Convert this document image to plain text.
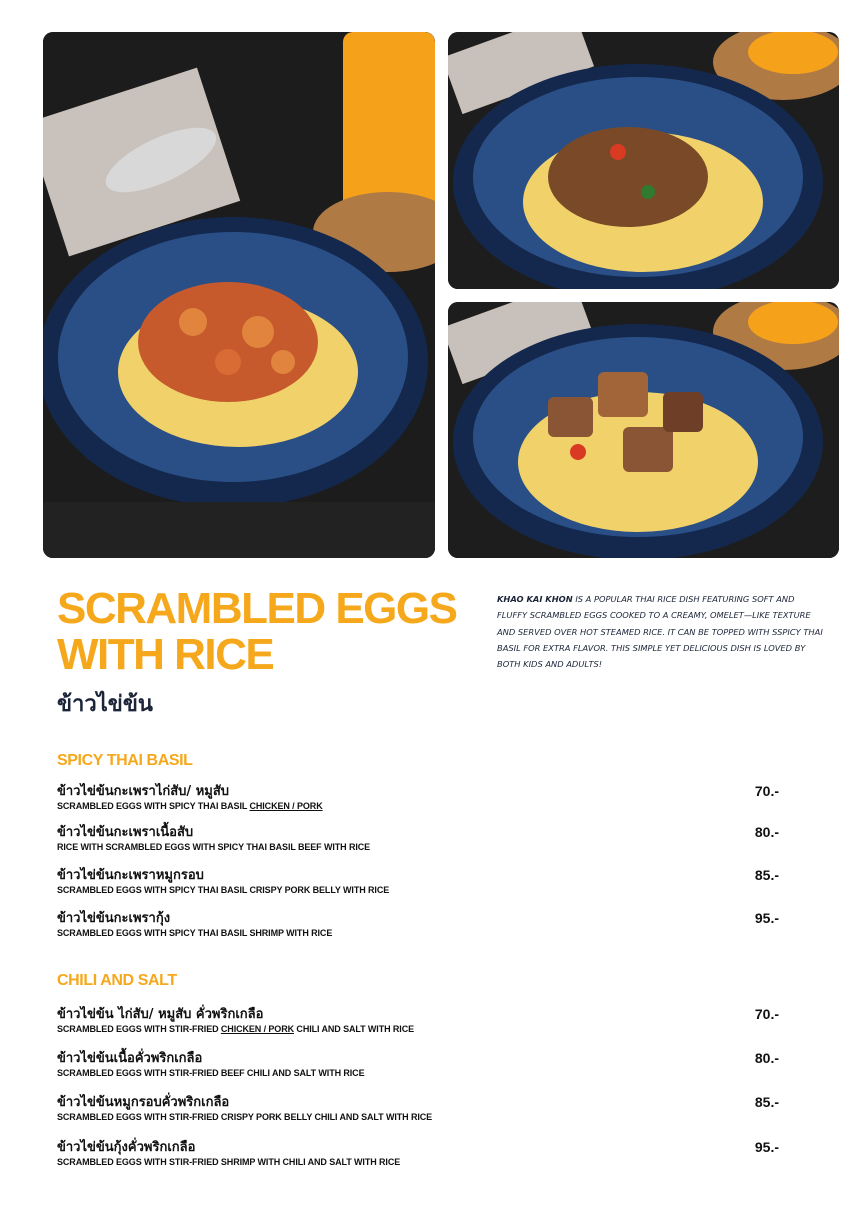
SCRAMBLED EGGS
WITH RICE
ข้าวไข่ข้น

KHAO KAI KHON IS A POPULAR THAI RICE DISH FEATURING SOFT AND FLUFFY SCRAMBLED EGGS COOKED TO A CREAMY, OMELET—LIKE TEXTURE AND SERVED OVER HOT STEAMED RICE. IT CAN BE TOPPED WITH SSPICY THAI BASIL FOR EXTRA FLAVOR. THIS SIMPLE YET DELICIOUS DISH IS LOVED BY BOTH KIDS AND ADULTS!

SPICY THAI BASIL
ข้าวไข่ข้นกะเพราไก่สับ/ หมูสับ
SCRAMBLED EGGS WITH SPICY THAI BASIL CHICKEN / PORK
70.-
ข้าวไข่ข้นกะเพราเนื้อสับ
RICE WITH SCRAMBLED EGGS WITH SPICY THAI BASIL BEEF WITH RICE
80.-
ข้าวไข่ข้นกะเพราหมูกรอบ
SCRAMBLED EGGS WITH SPICY THAI BASIL CRISPY PORK BELLY WITH RICE
85.-
ข้าวไข่ข้นกะเพรากุ้ง
SCRAMBLED EGGS WITH SPICY THAI BASIL SHRIMP WITH RICE
95.-
CHILI AND SALT
ข้าวไข่ข้น ไก่สับ/ หมูสับ คั่วพริกเกลือ
SCRAMBLED EGGS WITH STIR-FRIED CHICKEN / PORK CHILI AND SALT WITH RICE
70.-
ข้าวไข่ข้นเนื้อคั่วพริกเกลือ
SCRAMBLED EGGS WITH STIR-FRIED BEEF CHILI AND SALT WITH RICE
80.-
ข้าวไข่ข้นหมูกรอบคั่วพริกเกลือ
SCRAMBLED EGGS WITH STIR-FRIED CRISPY PORK BELLY CHILI AND SALT WITH RICE
85.-
ข้าวไข่ข้นกุ้งคั่วพริกเกลือ
SCRAMBLED EGGS WITH STIR-FRIED SHRIMP WITH CHILI AND SALT WITH RICE
95.-
